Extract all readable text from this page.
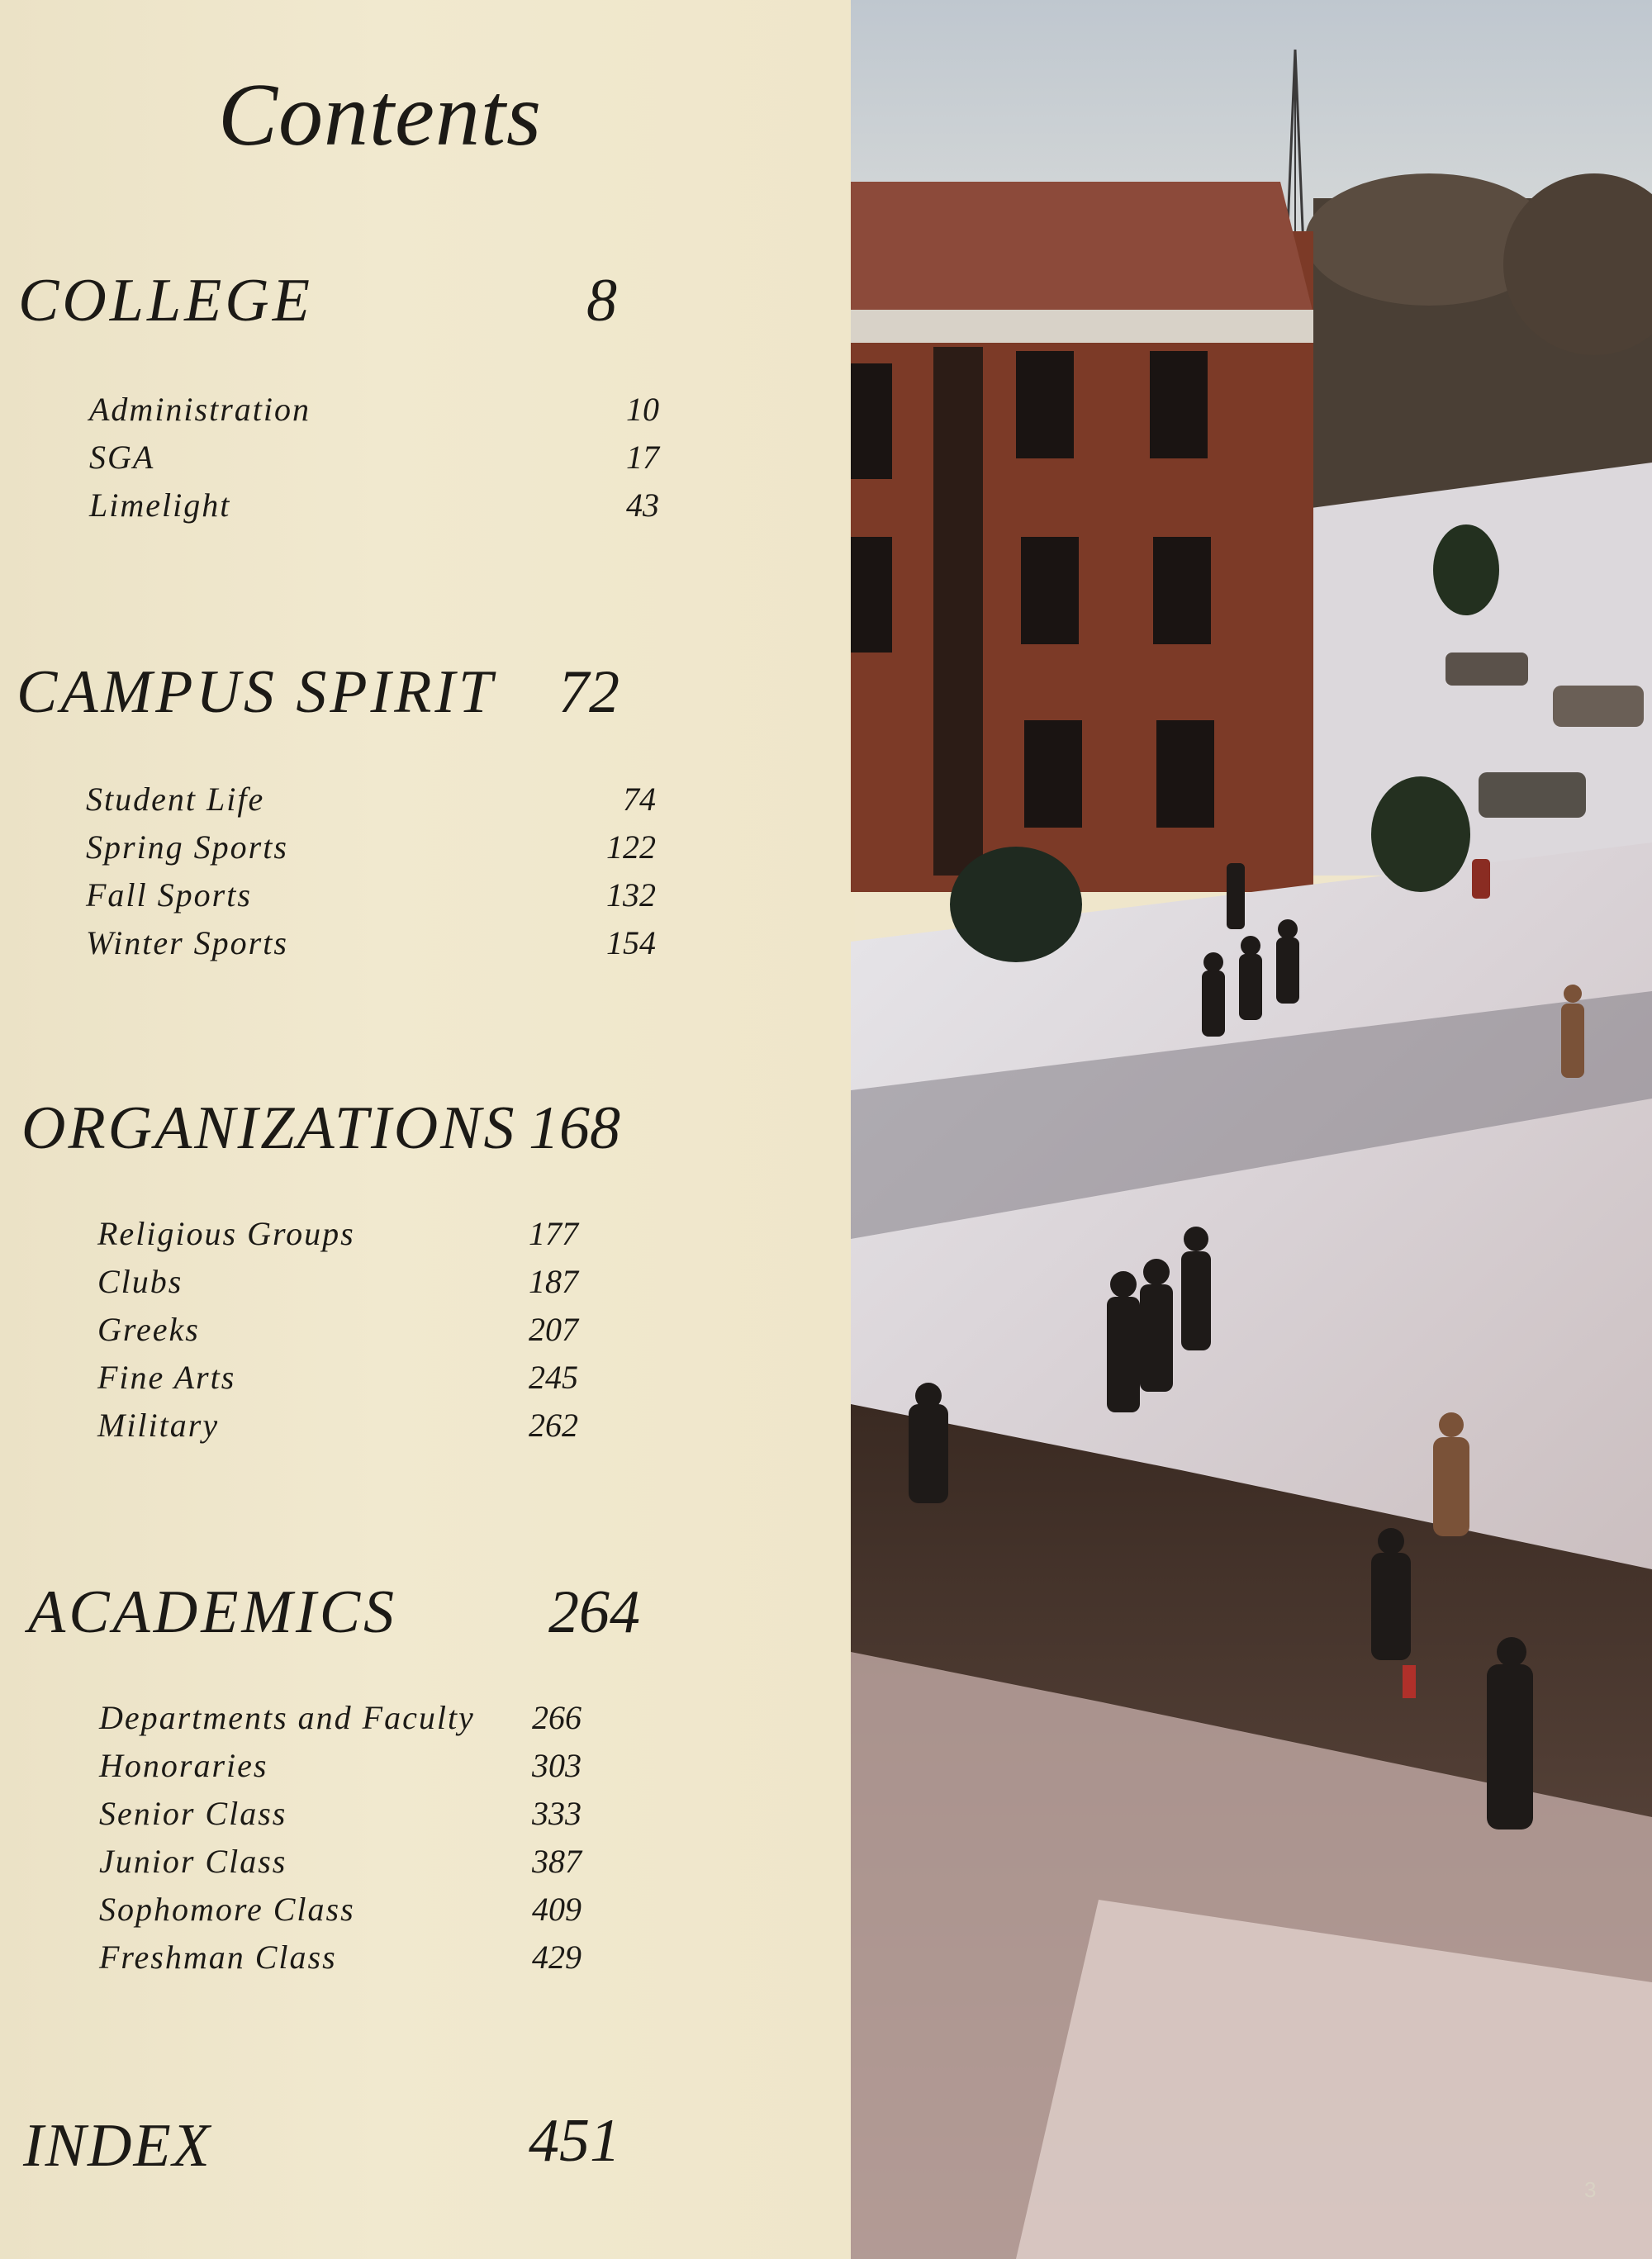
Contents
COLLEGE	8
Administration	10
SGA	17
Limelight	43
CAMPUS SPIRIT 72
Student Life	74
Spring Sports	122
Fall Sports	132
Winter Sports	154
ORGANIZATIONS 168
Religious Groups	177
Clubs	187
Greeks	207
Fine Arts	245
Military	262
ACADEMICS 264
Departments and Faculty	266
Honoraries	303
Senior Class	333
Junior Class	387
Sophomore Class	409
Freshman Class	429
INDEX	451
3
